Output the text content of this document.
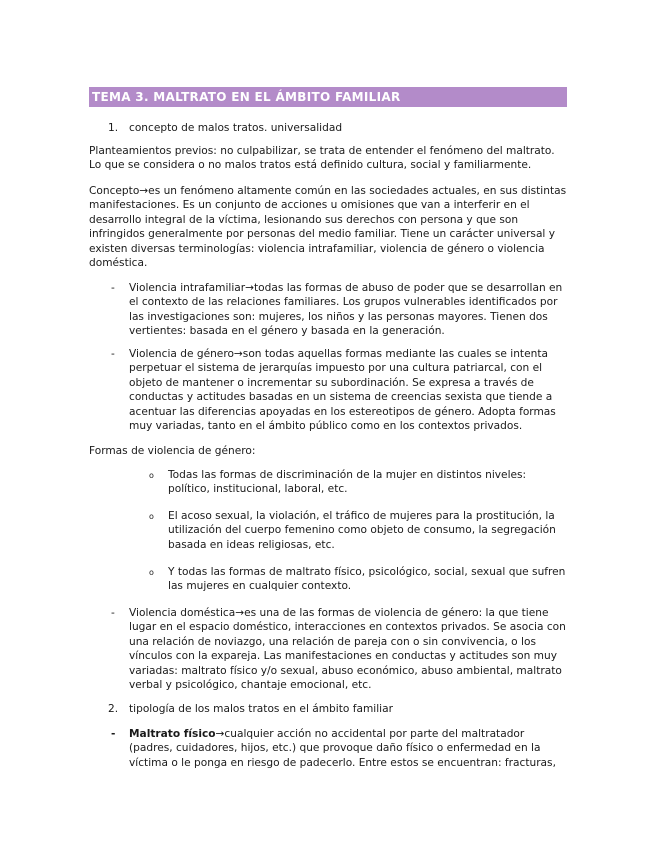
TEMA 3. MALTRATO EN EL ÁMBITO FAMILIAR
1. concepto de malos tratos. universalidad

Planteamientos previos: no culpabilizar, se trata de entender el fenómeno del maltrato. Lo que se considera o no malos tratos está definido cultura, social y familiarmente.

Concepto→es un fenómeno altamente común en las sociedades actuales, en sus distintas manifestaciones. Es un conjunto de acciones u omisiones que van a interferir en el desarrollo integral de la víctima, lesionando sus derechos con persona y que son infringidos generalmente por personas del medio familiar. Tiene un carácter universal y existen diversas terminologías: violencia intrafamiliar, violencia de género o violencia doméstica.

- Violencia intrafamiliar→todas las formas de abuso de poder que se desarrollan en el contexto de las relaciones familiares. Los grupos vulnerables identificados por las investigaciones son: mujeres, los niños y las personas mayores. Tienen dos vertientes: basada en el género y basada en la generación.

- Violencia de género→son todas aquellas formas mediante las cuales se intenta perpetuar el sistema de jerarquías impuesto por una cultura patriarcal, con el objeto de mantener o incrementar su subordinación. Se expresa a través de conductas y actitudes basadas en un sistema de creencias sexista que tiende a acentuar las diferencias apoyadas en los estereotipos de género. Adopta formas muy variadas, tanto en el ámbito público como en los contextos privados.

Formas de violencia de género:

o Todas las formas de discriminación de la mujer en distintos niveles: político, institucional, laboral, etc.

o El acoso sexual, la violación, el tráfico de mujeres para la prostitución, la utilización del cuerpo femenino como objeto de consumo, la segregación basada en ideas religiosas, etc.

o Y todas las formas de maltrato físico, psicológico, social, sexual que sufren las mujeres en cualquier contexto.

- Violencia doméstica→es una de las formas de violencia de género: la que tiene lugar en el espacio doméstico, interacciones en contextos privados. Se asocia con una relación de noviazgo, una relación de pareja con o sin convivencia, o los vínculos con la expareja. Las manifestaciones en conductas y actitudes son muy variadas: maltrato físico y/o sexual, abuso económico, abuso ambiental, maltrato verbal y psicológico, chantaje emocional, etc.

2. tipología de los malos tratos en el ámbito familiar

- Maltrato físico→cualquier acción no accidental por parte del maltratador (padres, cuidadores, hijos, etc.) que provoque daño físico o enfermedad en la víctima o le ponga en riesgo de padecerlo. Entre estos se encuentran: fracturas,
